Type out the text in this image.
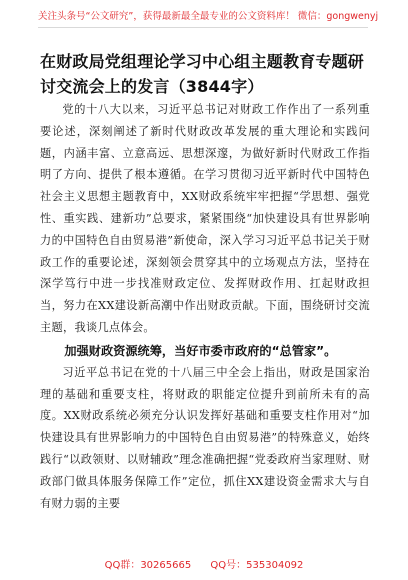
关注头条号“公文研究”，获得最新最全最专业的公文资料库！ 微信：gongwenyj
在财政局党组理论学习中心组主题教育专题研讨交流会上的发言（3844字）

党的十八大以来，习近平总书记对财政工作作出了一系列重要论述，深刻阐述了新时代财政改革发展的重大理论和实践问题，内涵丰富、立意高远、思想深邃，为做好新时代财政工作指明了方向、提供了根本遵循。在学习贯彻习近平新时代中国特色社会主义思想主题教育中，XX财政系统牢牢把握“学思想、强党性、重实践、建新功”总要求，紧紧围绕“加快建设具有世界影响力的中国特色自由贸易港”新使命，深入学习习近平总书记关于财政工作的重要论述，深刻领会贯穿其中的立场观点方法，坚持在深学笃行中进一步找准财政定位、发挥财政作用、扛起财政担当，努力在XX建设新高潮中作出财政贡献。下面，围绕研讨交流主题，我谈几点体会。

加强财政资源统筹，当好市委市政府的“总管家”。

习近平总书记在党的十八届三中全会上指出，财政是国家治理的基础和重要支柱，将财政的职能定位提升到前所未有的高度。XX财政系统必须充分认识发挥好基础和重要支柱作用对“加快建设具有世界影响力的中国特色自由贸易港”的特殊意义，始终践行“以政领财、以财辅政”理念准确把握“党委政府当家理财、财政部门做具体服务保障工作”定位，抓住XX建设资金需求大与自有财力弱的主要

QQ群：30265665 QQ号：535304092
